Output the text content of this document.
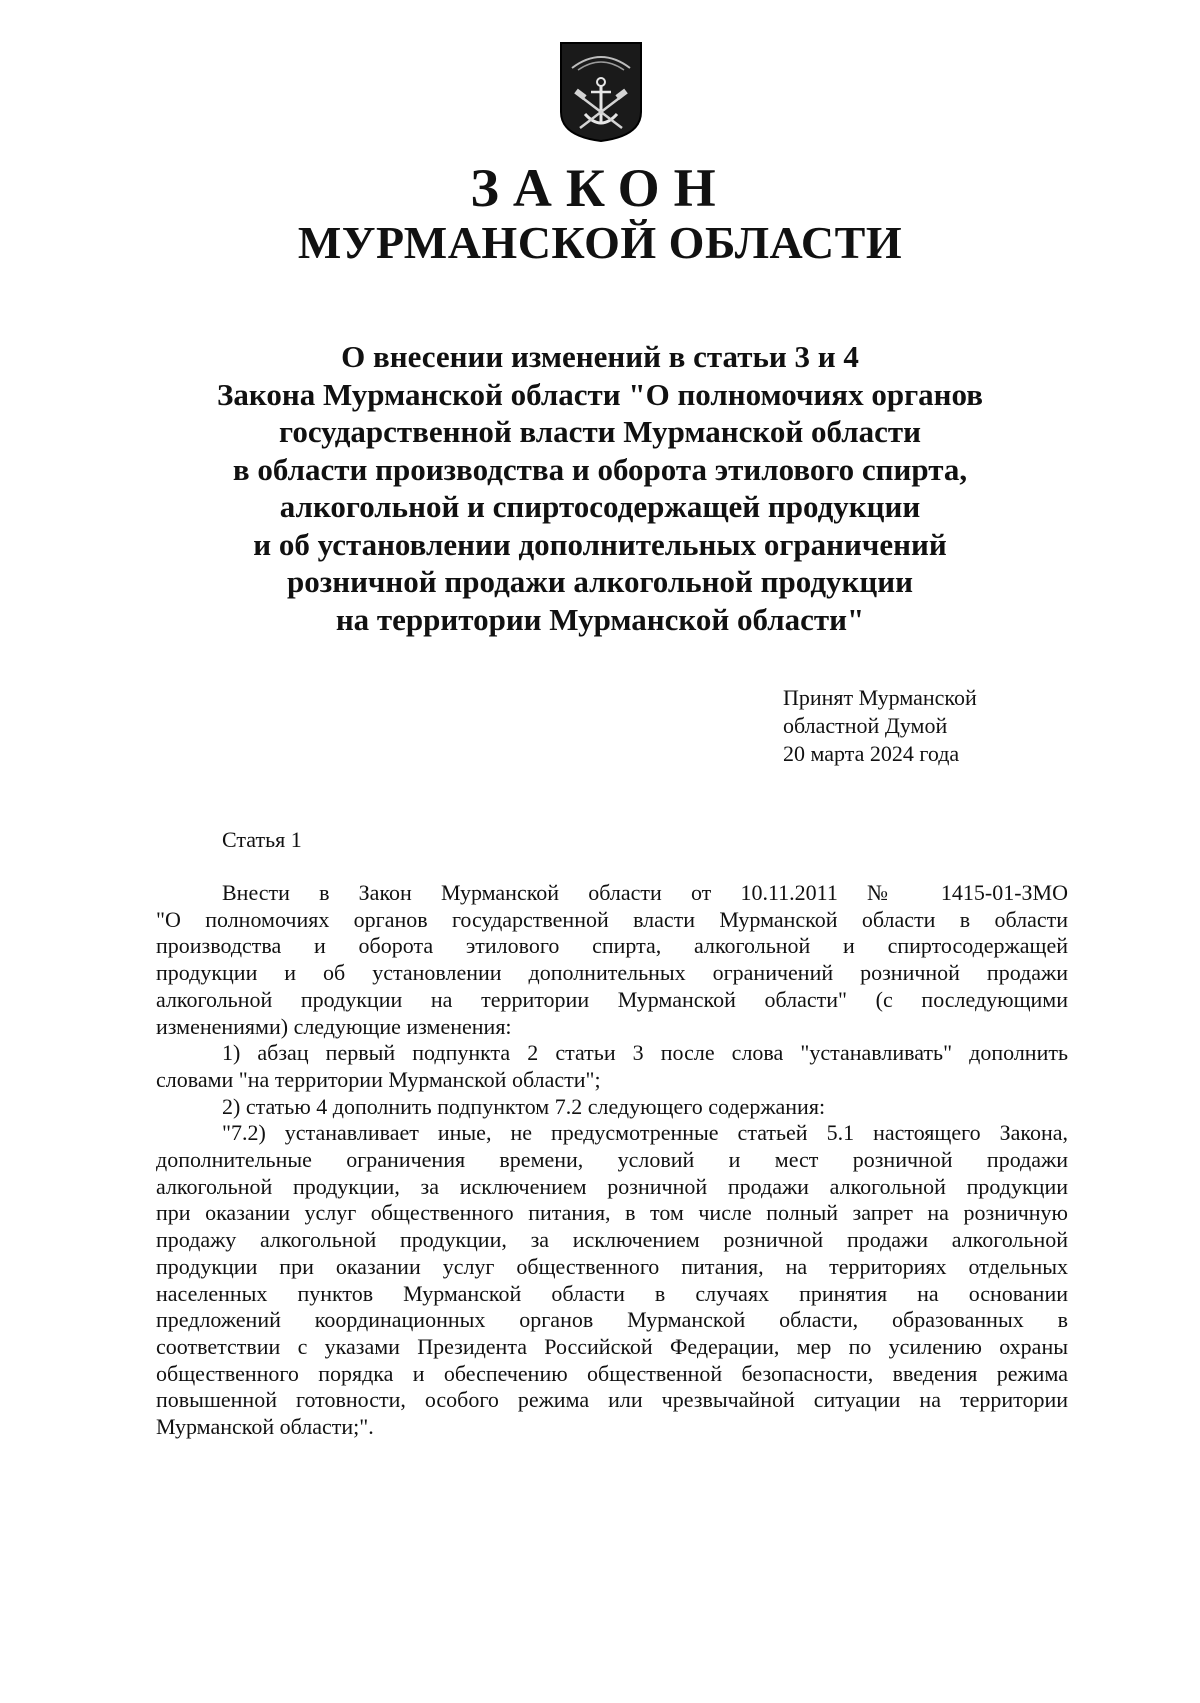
ЗАКОН
МУРМАНСКОЙ ОБЛАСТИ
О внесении изменений в статьи 3 и 4
Закона Мурманской области "О полномочиях органов
государственной власти Мурманской области
в области производства и оборота этилового спирта,
алкогольной и спиртосодержащей продукции
и об установлении дополнительных ограничений
розничной продажи алкогольной продукции
на территории Мурманской области"
Принят Мурманской
областной Думой
20 марта 2024 года
Статья 1
Внести в Закон Мурманской области от 10.11.2011 № 1415-01-ЗМО
"О полномочиях органов государственной власти Мурманской области в области
производства и оборота этилового спирта, алкогольной и спиртосодержащей
продукции и об установлении дополнительных ограничений розничной продажи
алкогольной продукции на территории Мурманской области" (с последующими
изменениями) следующие изменения:
1) абзац первый подпункта 2 статьи 3 после слова "устанавливать" дополнить
словами "на территории Мурманской области";
2) статью 4 дополнить подпунктом 7.2 следующего содержания:
"7.2) устанавливает иные, не предусмотренные статьей 5.1 настоящего Закона,
дополнительные ограничения времени, условий и мест розничной продажи
алкогольной продукции, за исключением розничной продажи алкогольной продукции
при оказании услуг общественного питания, в том числе полный запрет на розничную
продажу алкогольной продукции, за исключением розничной продажи алкогольной
продукции при оказании услуг общественного питания, на территориях отдельных
населенных пунктов Мурманской области в случаях принятия на основании
предложений координационных органов Мурманской области, образованных в
соответствии с указами Президента Российской Федерации, мер по усилению охраны
общественного порядка и обеспечению общественной безопасности, введения режима
повышенной готовности, особого режима или чрезвычайной ситуации на территории
Мурманской области;".
